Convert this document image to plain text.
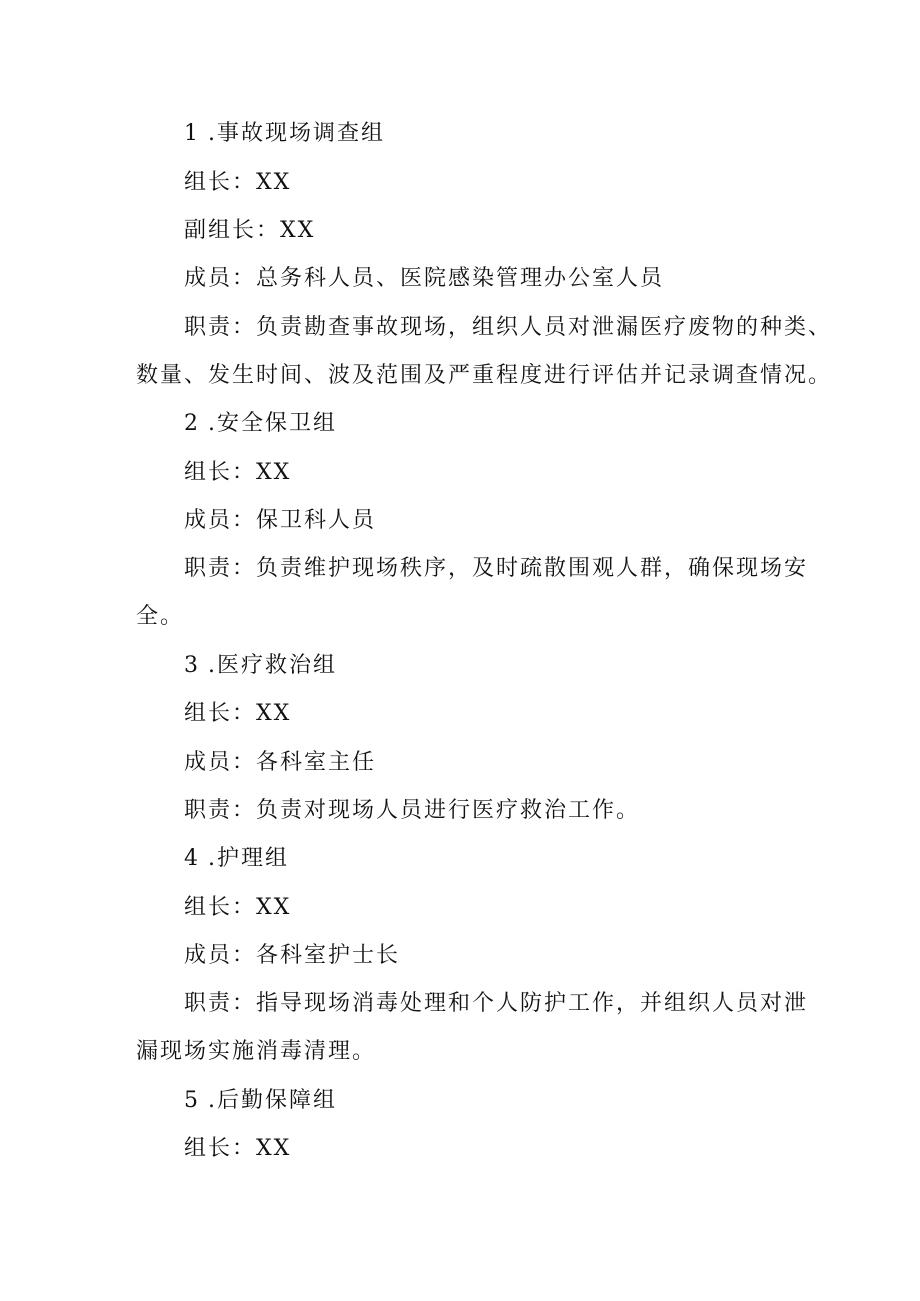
1 .事故现场调查组
组长：XX
副组长：XX
成员：总务科人员、医院感染管理办公室人员
职责：负责勘查事故现场，组织人员对泄漏医疗废物的种类、
数量、发生时间、波及范围及严重程度进行评估并记录调查情况。
2 .安全保卫组
组长：XX
成员：保卫科人员
职责：负责维护现场秩序，及时疏散围观人群，确保现场安
全。
3 .医疗救治组
组长：XX
成员：各科室主任
职责：负责对现场人员进行医疗救治工作。
4 .护理组
组长：XX
成员：各科室护士长
职责：指导现场消毒处理和个人防护工作，并组织人员对泄
漏现场实施消毒清理。
5 .后勤保障组
组长：XX
